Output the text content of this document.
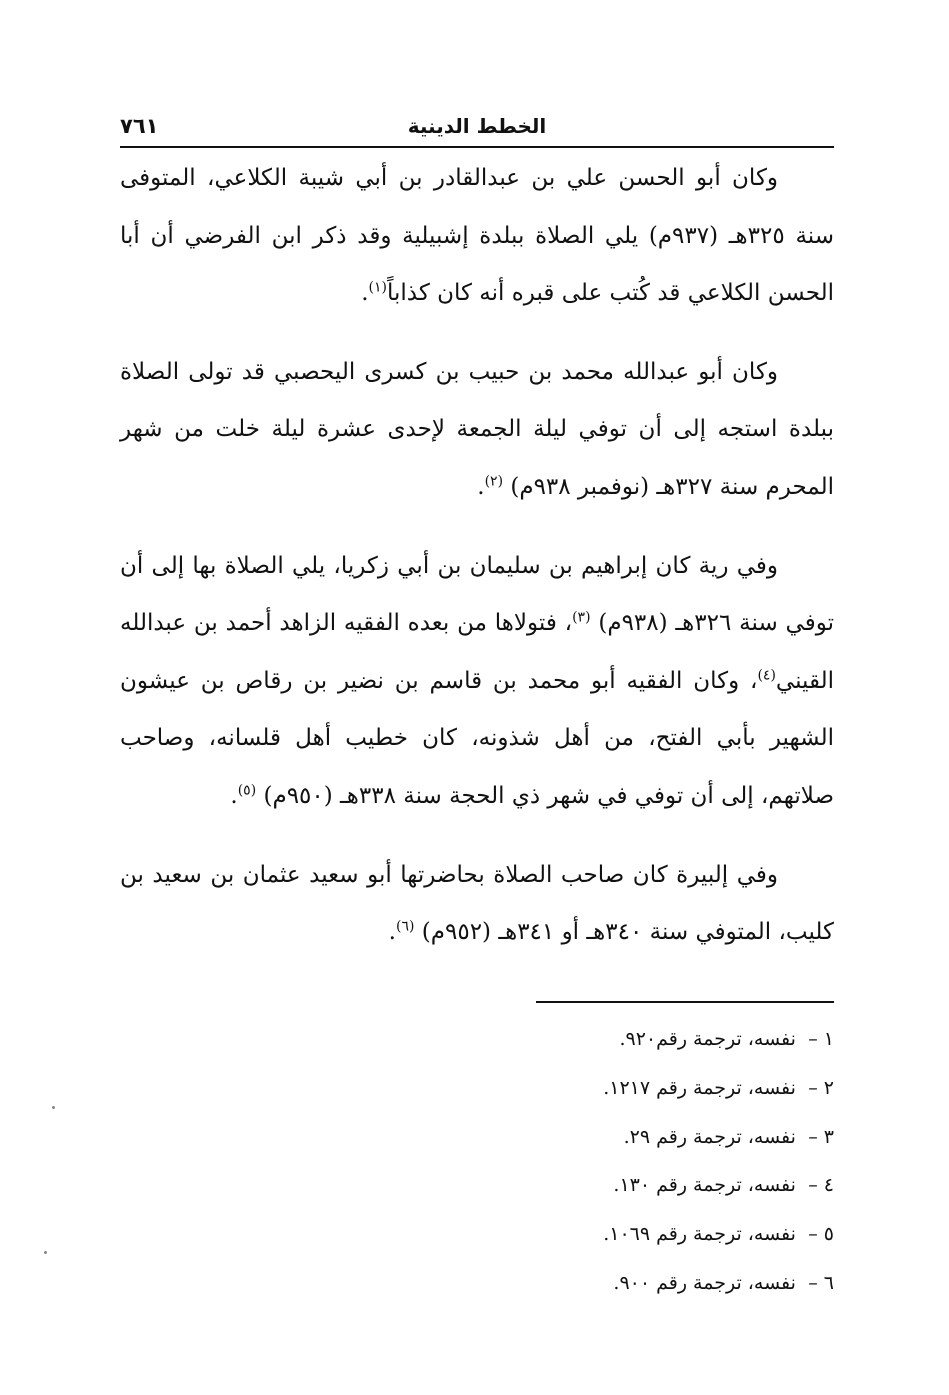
الخطط الدينية
٧٦١

وكان أبو الحسن علي بن عبدالقادر بن أبي شيبة الكلاعي، المتوفى سنة ٣٢٥هـ (٩٣٧م) يلي الصلاة ببلدة إشبيلية وقد ذكر ابن الفرضي أن أبا الحسن الكلاعي قد كُتب على قبره أنه كان كذاباً$^{(١)}$.

وكان أبو عبدالله محمد بن حبيب بن كسرى اليحصبي قد تولى الصلاة ببلدة استجه إلى أن توفي ليلة الجمعة لإحدى عشرة ليلة خلت من شهر المحرم سنة ٣٢٧هـ (نوفمبر ٩٣٨م) $^{(٢)}$.

وفي رية كان إبراهيم بن سليمان بن أبي زكريا، يلي الصلاة بها إلى أن توفي سنة ٣٢٦هـ (٩٣٨م) $^{(٣)}$، فتولاها من بعده الفقيه الزاهد أحمد بن عبدالله القيني$^{(٤)}$، وكان الفقيه أبو محمد بن قاسم بن نضير بن رقاص بن عيشون الشهير بأبي الفتح، من أهل شذونه، كان خطيب أهل قلسانه، وصاحب صلاتهم، إلى أن توفي في شهر ذي الحجة سنة ٣٣٨هـ (٩٥٠م) $^{(٥)}$.

وفي إلبيرة كان صاحب الصلاة بحاضرتها أبو سعيد عثمان بن سعيد بن كليب، المتوفي سنة ٣٤٠هـ أو ٣٤١هـ (٩٥٢م) $^{(٦)}$.

١ – نفسه، ترجمة رقم٩٢٠.
٢ – نفسه، ترجمة رقم ١٢١٧.
٣ – نفسه، ترجمة رقم ٢٩.
٤ – نفسه، ترجمة رقم ١٣٠.
٥ – نفسه، ترجمة رقم ١٠٦٩.
٦ – نفسه، ترجمة رقم ٩٠٠.
